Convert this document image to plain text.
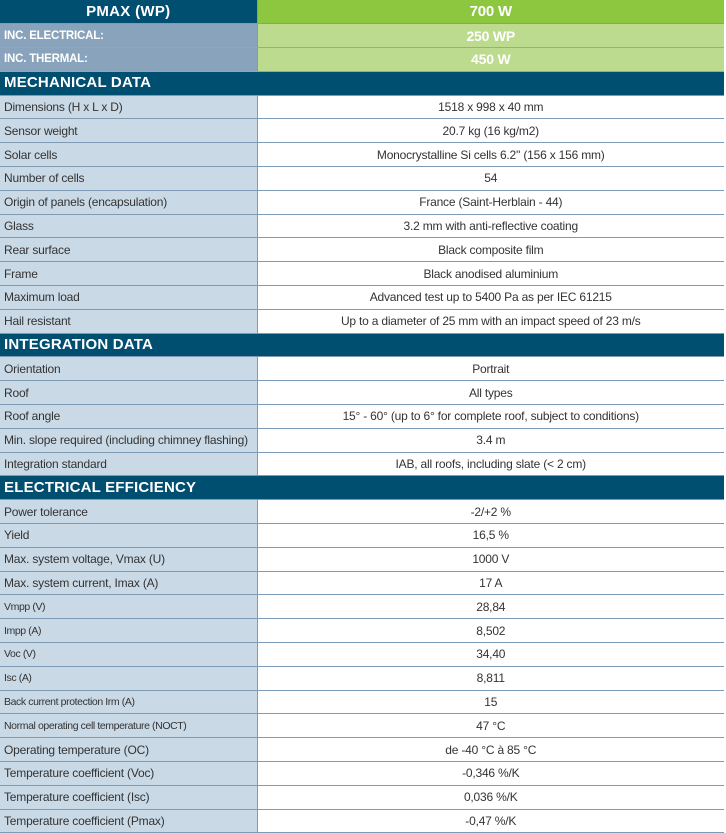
PMAX (WP)	700 W
INC. ELECTRICAL:	250 WP
INC. THERMAL:	450 W
MECHANICAL DATA	
Dimensions (H x L x D)	1518 x 998 x 40 mm
Sensor weight	20.7 kg (16 kg/m2)
Solar cells	Monocrystalline Si cells 6.2'' (156 x 156 mm)
Number of cells	54
Origin of panels (encapsulation)	France (Saint-Herblain - 44)
Glass	3.2 mm with anti-reflective coating
Rear surface	Black composite film
Frame	Black anodised aluminium
Maximum load	Advanced test up to 5400 Pa as per IEC 61215
Hail resistant	Up to a diameter of 25 mm with an impact speed of 23 m/s
INTEGRATION DATA	
Orientation	Portrait
Roof	All types
Roof angle	15° - 60° (up to 6° for complete roof, subject to conditions)
Min. slope required (including chimney flashing)	3.4 m
Integration standard	IAB, all roofs, including slate (< 2 cm)
ELECTRICAL EFFICIENCY	
Power tolerance	-2/+2 %
Yield	16,5 %
Max. system voltage, Vmax (U)	1000 V
Max. system current, Imax (A)	17 A
Vmpp (V)	28,84
Impp (A)	8,502
Voc (V)	34,40
Isc (A)	8,811
Back current protection Irm (A)	15
Normal operating cell temperature (NOCT)	47 °C
Operating temperature (OC)	de -40 °C à 85 °C
Temperature coefficient (Voc)	-0,346 %/K
Temperature coefficient (Isc)	0,036 %/K
Temperature coefficient (Pmax)	-0,47 %/K
